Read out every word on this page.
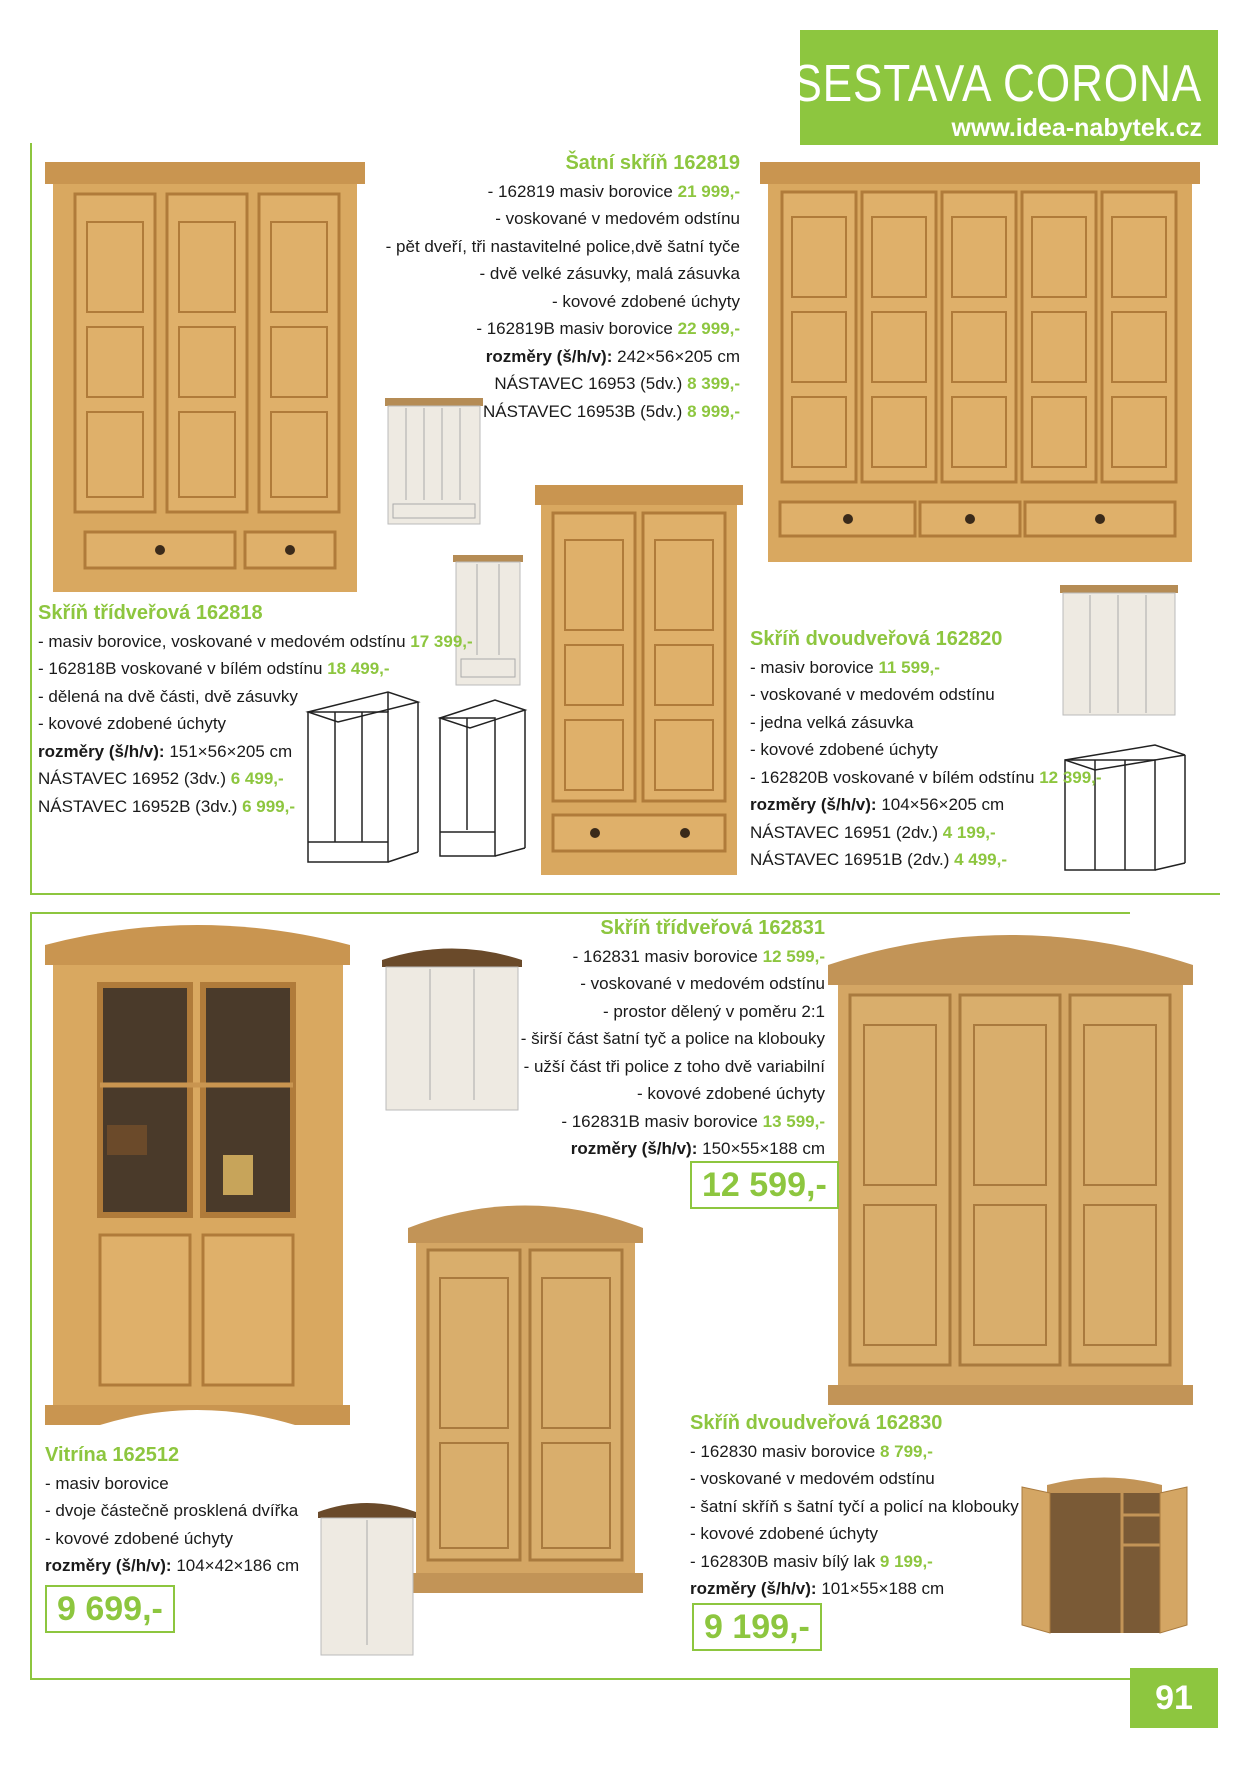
SESTAVA CORONA
www.idea-nabytek.cz
Šatní skříň 162819
- 162819 masiv borovice 21 999,-
- voskované v medovém odstínu
- pět dveří, tři nastavitelné police,dvě šatní tyče
- dvě velké zásuvky, malá zásuvka
- kovové zdobené úchyty
- 162819B masiv borovice 22 999,-
rozměry (š/h/v): 242×56×205 cm
NÁSTAVEC 16953 (5dv.) 8 399,-
NÁSTAVEC 16953B (5dv.) 8 999,-
Skříň třídveřová 162818
- masiv borovice, voskované v medovém odstínu 17 399,-
- 162818B voskované v bílém odstínu 18 499,-
- dělená na dvě části, dvě zásuvky
- kovové zdobené úchyty
rozměry (š/h/v): 151×56×205 cm
NÁSTAVEC 16952 (3dv.) 6 499,-
NÁSTAVEC 16952B (3dv.) 6 999,-
Skříň dvoudveřová 162820
- masiv borovice 11 599,-
- voskované v medovém odstínu
- jedna velká zásuvka
- kovové zdobené úchyty
- 162820B voskované v bílém odstínu 12 399,-
rozměry (š/h/v): 104×56×205 cm
NÁSTAVEC 16951 (2dv.) 4 199,-
NÁSTAVEC 16951B (2dv.) 4 499,-
Skříň třídveřová 162831
- 162831 masiv borovice 12 599,-
- voskované v medovém odstínu
- prostor dělený v poměru 2:1
- širší část šatní tyč a police na klobouky
- užší část tři police z toho dvě variabilní
- kovové zdobené úchyty
- 162831B masiv borovice 13 599,-
rozměry (š/h/v): 150×55×188 cm
12 599,-
Vitrína 162512
- masiv borovice
- dvoje částečně prosklená dvířka
- kovové zdobené úchyty
rozměry (š/h/v): 104×42×186 cm
9 699,-
Skříň dvoudveřová 162830
- 162830 masiv borovice 8 799,-
- voskované v medovém odstínu
- šatní skříň s šatní tyčí a policí na klobouky
- kovové zdobené úchyty
- 162830B masiv bílý lak 9 199,-
rozměry (š/h/v): 101×55×188 cm
9 199,-
91
